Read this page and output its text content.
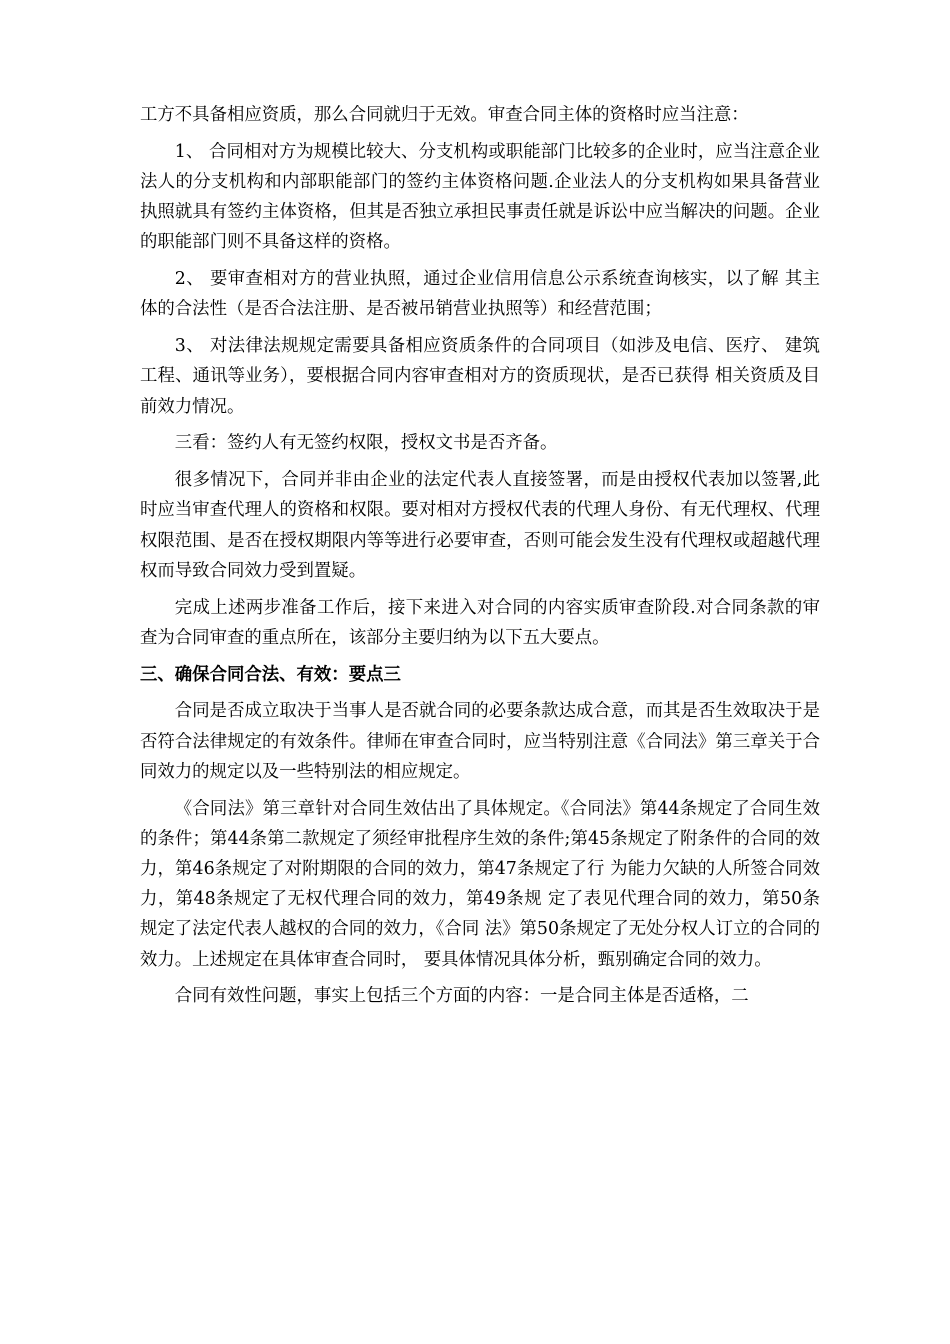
工方不具备相应资质，那么合同就归于无效。审查合同主体的资格时应当注意：

1、 合同相对方为规模比较大、分支机构或职能部门比较多的企业时，应当注意企业法人的分支机构和内部职能部门的签约主体资格问题.企业法人的分支机构如果具备营业执照就具有签约主体资格，但其是否独立承担民事责任就是诉讼中应当解决的问题。企业的职能部门则不具备这样的资格。

2、 要审查相对方的营业执照，通过企业信用信息公示系统查询核实，以了解 其主体的合法性（是否合法注册、是否被吊销营业执照等）和经营范围；

3、 对法律法规规定需要具备相应资质条件的合同项目（如涉及电信、医疗、 建筑工程、通讯等业务），要根据合同内容审查相对方的资质现状，是否已获得 相关资质及目前效力情况。

三看：签约人有无签约权限，授权文书是否齐备。

很多情况下，合同并非由企业的法定代表人直接签署，而是由授权代表加以签署,此时应当审查代理人的资格和权限。要对相对方授权代表的代理人身份、有无代理权、代理权限范围、是否在授权期限内等等进行必要审查，否则可能会发生没有代理权或超越代理权而导致合同效力受到置疑。

完成上述两步准备工作后，接下来进入对合同的内容实质审查阶段.对合同条款的审查为合同审查的重点所在，该部分主要归纳为以下五大要点。

三、确保合同合法、有效：要点三

合同是否成立取决于当事人是否就合同的必要条款达成合意，而其是否生效取决于是否符合法律规定的有效条件。律师在审查合同时，应当特别注意《合同法》第三章关于合同效力的规定以及一些特别法的相应规定。

《合同法》第三章针对合同生效估出了具体规定。《合同法》第44条规定了合同生效的条件；第44条第二款规定了须经审批程序生效的条件;第45条规定了附条件的合同的效力，第46条规定了对附期限的合同的效力，第47条规定了行 为能力欠缺的人所签合同效力，第48条规定了无权代理合同的效力，第49条规 定了表见代理合同的效力，第50条规定了法定代表人越权的合同的效力，《合同 法》第50条规定了无处分权人订立的合同的效力。上述规定在具体审查合同时， 要具体情况具体分析，甄别确定合同的效力。

合同有效性问题，事实上包括三个方面的内容：一是合同主体是否适格，二
